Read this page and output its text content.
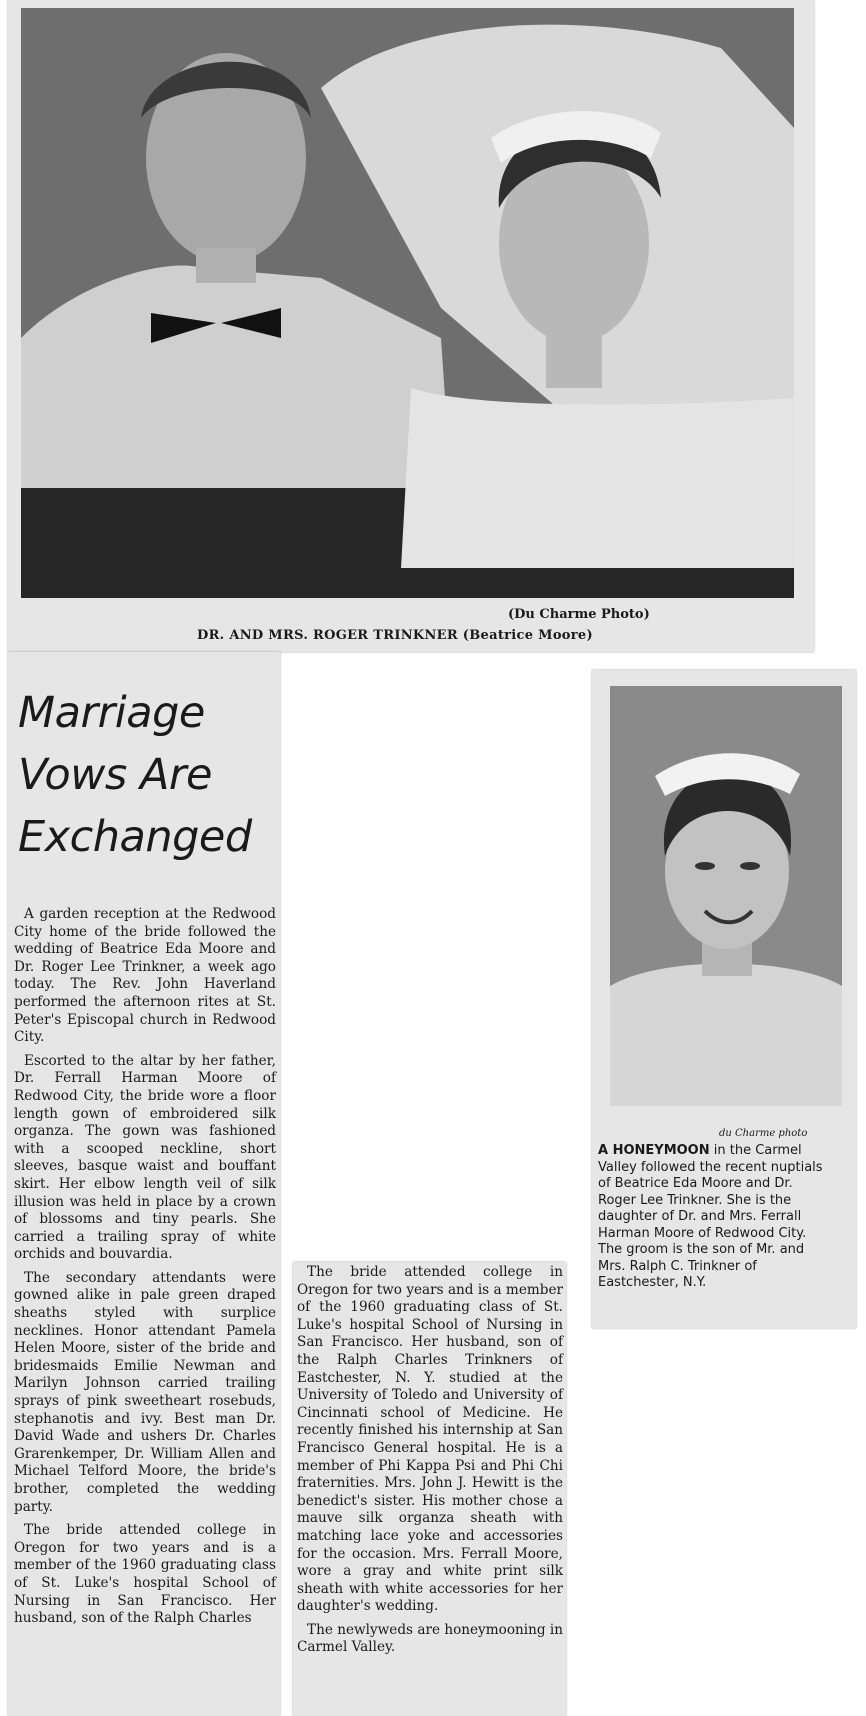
(Du Charme Photo)
DR. AND MRS. ROGER TRINKNER (Beatrice Moore)
Marriage
Vows Are
Exchanged

A garden reception at the Redwood City home of the bride followed the wedding of Beatrice Eda Moore and Dr. Roger Lee Trinkner, a week ago today. The Rev. John Haverland performed the afternoon rites at St. Peter's Episcopal church in Redwood City.

Escorted to the altar by her father, Dr. Ferrall Harman Moore of Redwood City, the bride wore a floor length gown of embroidered silk organza. The gown was fashioned with a scooped neckline, short sleeves, basque waist and bouffant skirt. Her elbow length veil of silk illusion was held in place by a crown of blossoms and tiny pearls. She carried a trailing spray of white orchids and bouvardia.

The secondary attendants were gowned alike in pale green draped sheaths styled with surplice necklines. Honor attendant Pamela Helen Moore, sister of the bride and bridesmaids Emilie Newman and Marilyn Johnson carried trailing sprays of pink sweetheart rosebuds, stephanotis and ivy. Best man Dr. David Wade and ushers Dr. Charles Grarenkemper, Dr. William Allen and Michael Telford Moore, the bride's brother, completed the wedding party.

The bride attended college in Oregon for two years and is a member of the 1960 graduating class of St. Luke's hospital School of Nursing in San Francisco. Her husband, son of the Ralph Charles

The bride attended college in Oregon for two years and is a member of the 1960 graduating class of St. Luke's hospital School of Nursing in San Francisco. Her husband, son of the Ralph Charles Trinkners of Eastchester, N. Y. studied at the University of Toledo and University of Cincinnati school of Medicine. He recently finished his internship at San Francisco General hospital. He is a member of Phi Kappa Psi and Phi Chi fraternities. Mrs. John J. Hewitt is the benedict's sister. His mother chose a mauve silk organza sheath with matching lace yoke and accessories for the occasion. Mrs. Ferrall Moore, wore a gray and white print silk sheath with white accessories for her daughter's wedding.

The newlyweds are honeymooning in Carmel Valley.

du Charme photo
A HONEYMOON in the Carmel Valley followed the recent nuptials of Beatrice Eda Moore and Dr. Roger Lee Trinkner. She is the daughter of Dr. and Mrs. Ferrall Harman Moore of Redwood City. The groom is the son of Mr. and Mrs. Ralph C. Trinkner of Eastchester, N.Y.
